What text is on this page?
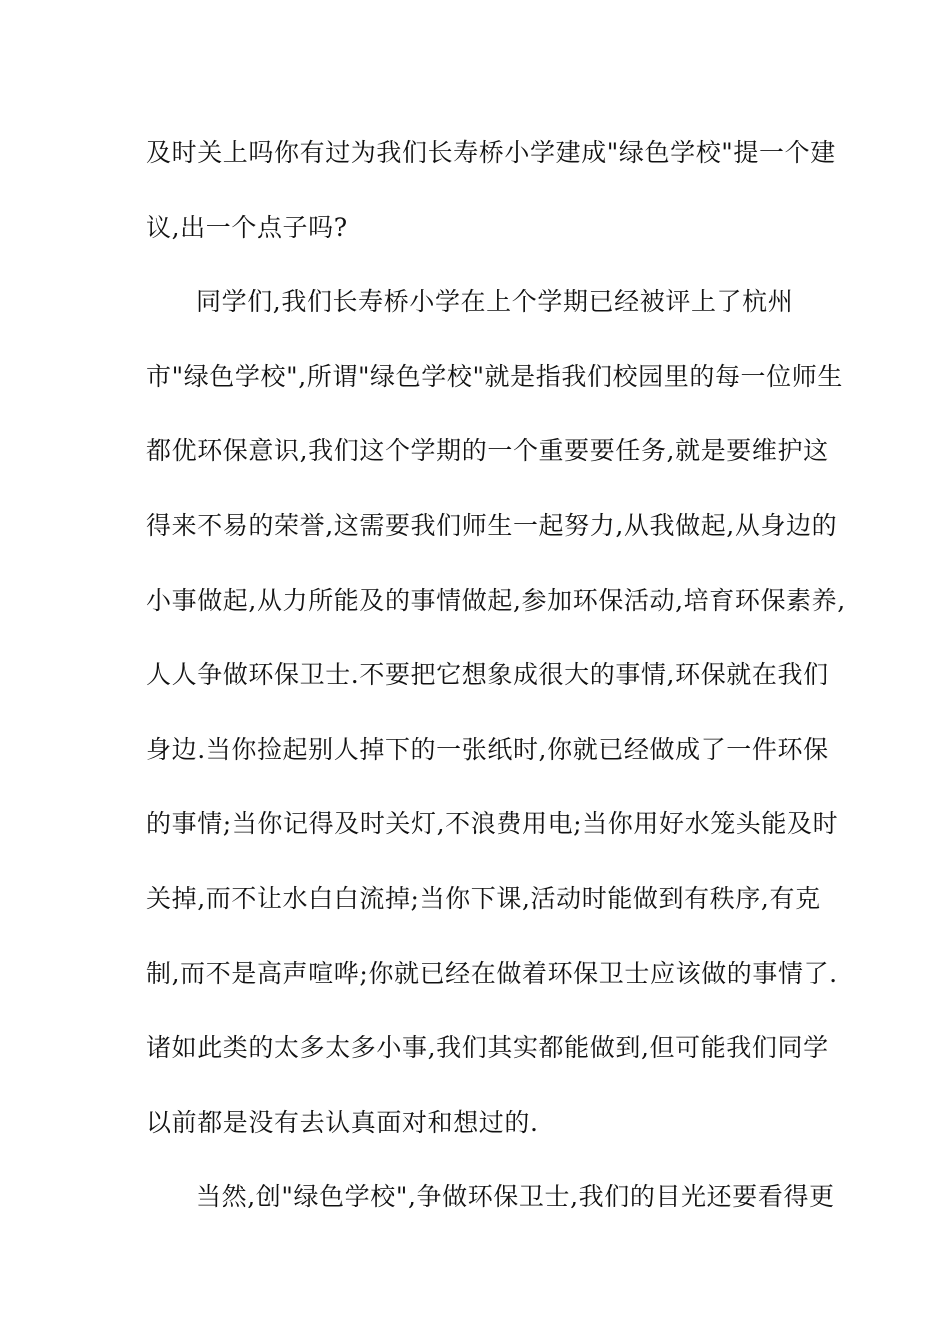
及时关上吗你有过为我们长寿桥小学建成"绿色学校"提一个建
议,出一个点子吗?
同学们,我们长寿桥小学在上个学期已经被评上了杭州
市"绿色学校",所谓"绿色学校"就是指我们校园里的每一位师生
都优环保意识,我们这个学期的一个重要要任务,就是要维护这
得来不易的荣誉,这需要我们师生一起努力,从我做起,从身边的
小事做起,从力所能及的事情做起,参加环保活动,培育环保素养,
人人争做环保卫士.不要把它想象成很大的事情,环保就在我们
身边.当你捡起别人掉下的一张纸时,你就已经做成了一件环保
的事情;当你记得及时关灯,不浪费用电;当你用好水笼头能及时
关掉,而不让水白白流掉;当你下课,活动时能做到有秩序,有克
制,而不是高声喧哗;你就已经在做着环保卫士应该做的事情了.
诸如此类的太多太多小事,我们其实都能做到,但可能我们同学
以前都是没有去认真面对和想过的.
当然,创"绿色学校",争做环保卫士,我们的目光还要看得更
